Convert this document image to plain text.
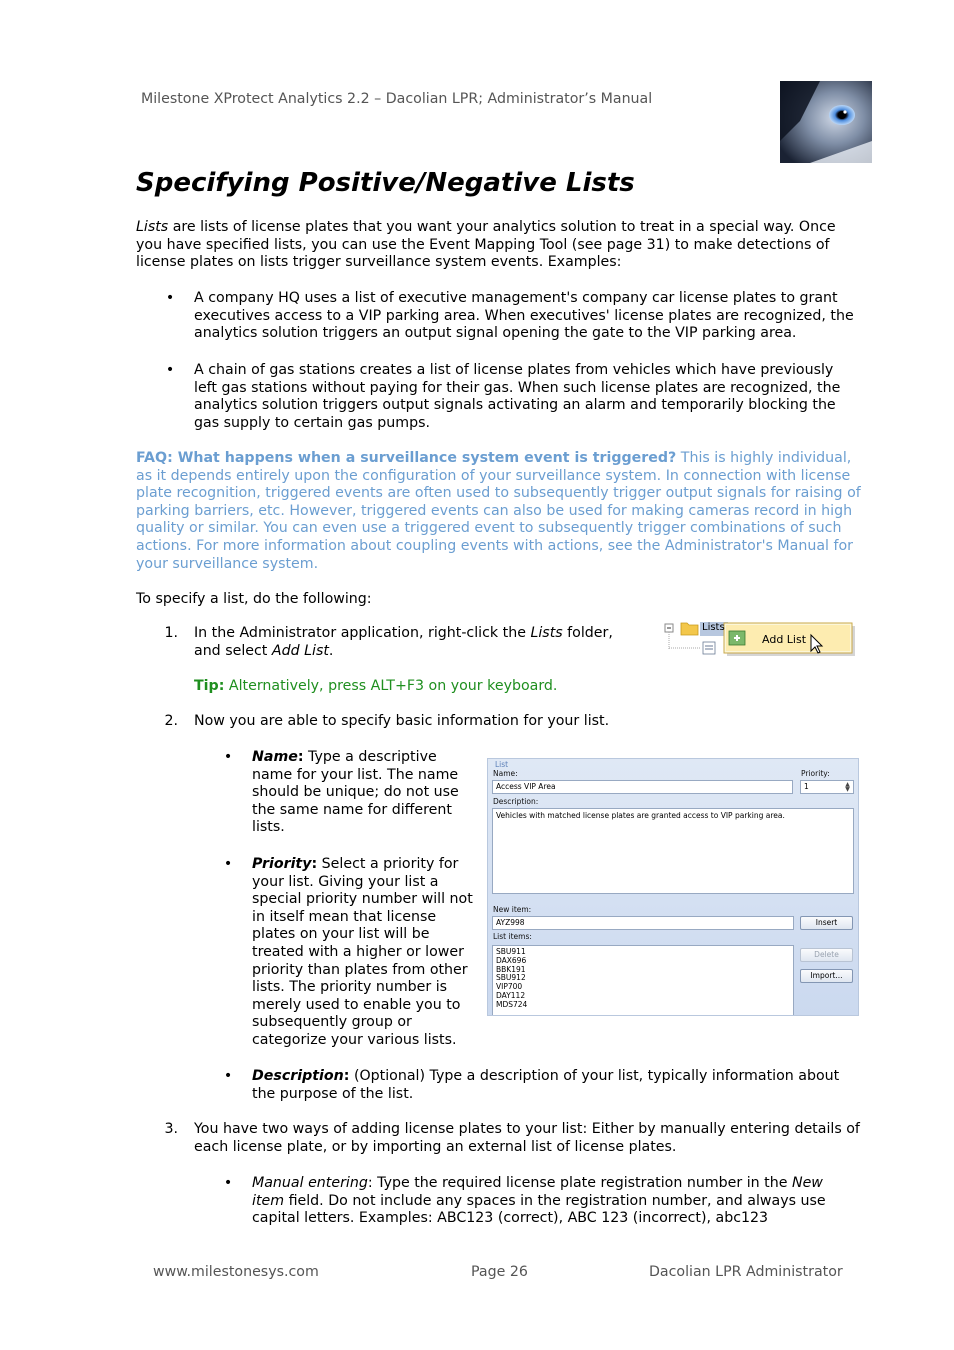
Milestone XProtect Analytics 2.2 – Dacolian LPR; Administrator’s Manual
Specifying Positive/Negative Lists

Lists are lists of license plates that you want your analytics solution to treat in a special way. Once you have specified lists, you can use the Event Mapping Tool (see page 31) to make detections of license plates on lists trigger surveillance system events. Examples:

• A company HQ uses a list of executive management's company car license plates to grant executives access to a VIP parking area. When executives' license plates are recognized, the analytics solution triggers an output signal opening the gate to the VIP parking area.

• A chain of gas stations creates a list of license plates from vehicles which have previously left gas stations without paying for their gas. When such license plates are recognized, the analytics solution triggers output signals activating an alarm and temporarily blocking the gas supply to certain gas pumps.

FAQ: What happens when a surveillance system event is triggered? This is highly individual, as it depends entirely upon the configuration of your surveillance system. In connection with license plate recognition, triggered events are often used to subsequently trigger output signals for raising of parking barriers, etc. However, triggered events can also be used for making cameras record in high quality or similar. You can even use a triggered event to subsequently trigger combinations of such actions. For more information about coupling events with actions, see the Administrator's Manual for your surveillance system.

To specify a list, do the following:

1. In the Administrator application, right-click the Lists folder, and select Add List.

Lists
Add List

Tip: Alternatively, press ALT+F3 on your keyboard.

2. Now you are able to specify basic information for your list.

• Name: Type a descriptive name for your list. The name should be unique; do not use the same name for different lists.

• Priority: Select a priority for your list. Giving your list a special priority number will not in itself mean that license plates on your list will be treated with a higher or lower priority than plates from other lists. The priority number is merely used to enable you to subsequently group or categorize your various lists.

List
Name:
Access VIP Area
Priority:
1	▲
▼
Description:
Vehicles with matched license plates are granted access to VIP parking area.
New item:
AYZ998	Insert
List items:
SBU911
DAX696
BBK191
SBU912
VIP700
DAY112
MDS724
Delete
Import...
• Description: (Optional) Type a description of your list, typically information about the purpose of the list.

3. You have two ways of adding license plates to your list: Either by manually entering details of each license plate, or by importing an external list of license plates.

• Manual entering: Type the required license plate registration number in the New item field. Do not include any spaces in the registration number, and always use capital letters. Examples: ABC123 (correct), ABC 123 (incorrect), abc123

www.milestonesys.com	Page 26	Dacolian LPR Administrator
